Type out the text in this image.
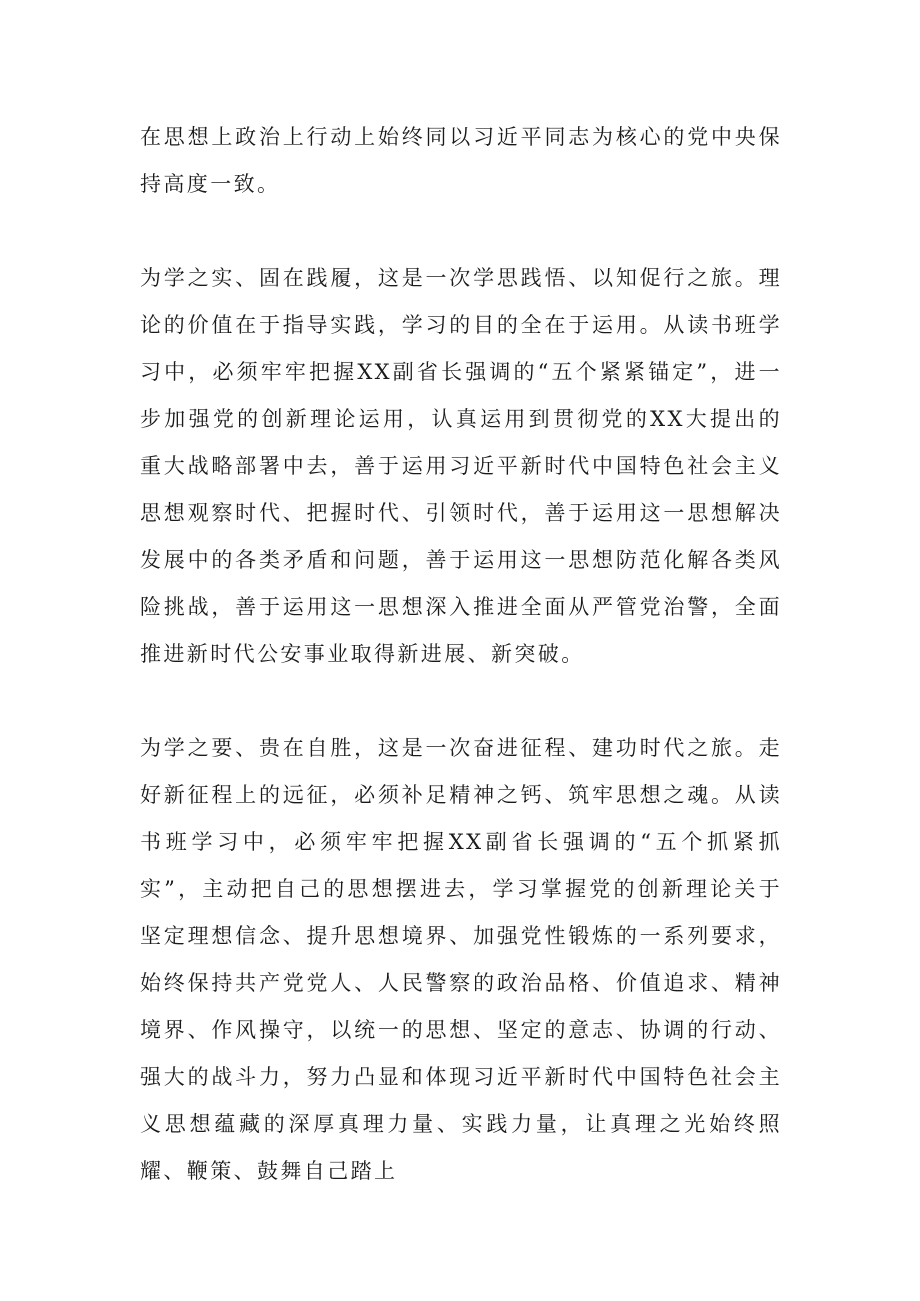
在思想上政治上行动上始终同以习近平同志为核心的党中央保持高度一致。

为学之实、固在践履，这是一次学思践悟、以知促行之旅。理论的价值在于指导实践，学习的目的全在于运用。从读书班学习中，必须牢牢把握XX副省长强调的“五个紧紧锚定”，进一步加强党的创新理论运用，认真运用到贯彻党的XX大提出的重大战略部署中去，善于运用习近平新时代中国特色社会主义思想观察时代、把握时代、引领时代，善于运用这一思想解决发展中的各类矛盾和问题，善于运用这一思想防范化解各类风险挑战，善于运用这一思想深入推进全面从严管党治警，全面推进新时代公安事业取得新进展、新突破。

为学之要、贵在自胜，这是一次奋进征程、建功时代之旅。走好新征程上的远征，必须补足精神之钙、筑牢思想之魂。从读书班学习中，必须牢牢把握XX副省长强调的“五个抓紧抓实”，主动把自己的思想摆进去，学习掌握党的创新理论关于坚定理想信念、提升思想境界、加强党性锻炼的一系列要求，始终保持共产党党人、人民警察的政治品格、价值追求、精神境界、作风操守，以统一的思想、坚定的意志、协调的行动、强大的战斗力，努力凸显和体现习近平新时代中国特色社会主义思想蕴藏的深厚真理力量、实践力量，让真理之光始终照耀、鞭策、鼓舞自己踏上
